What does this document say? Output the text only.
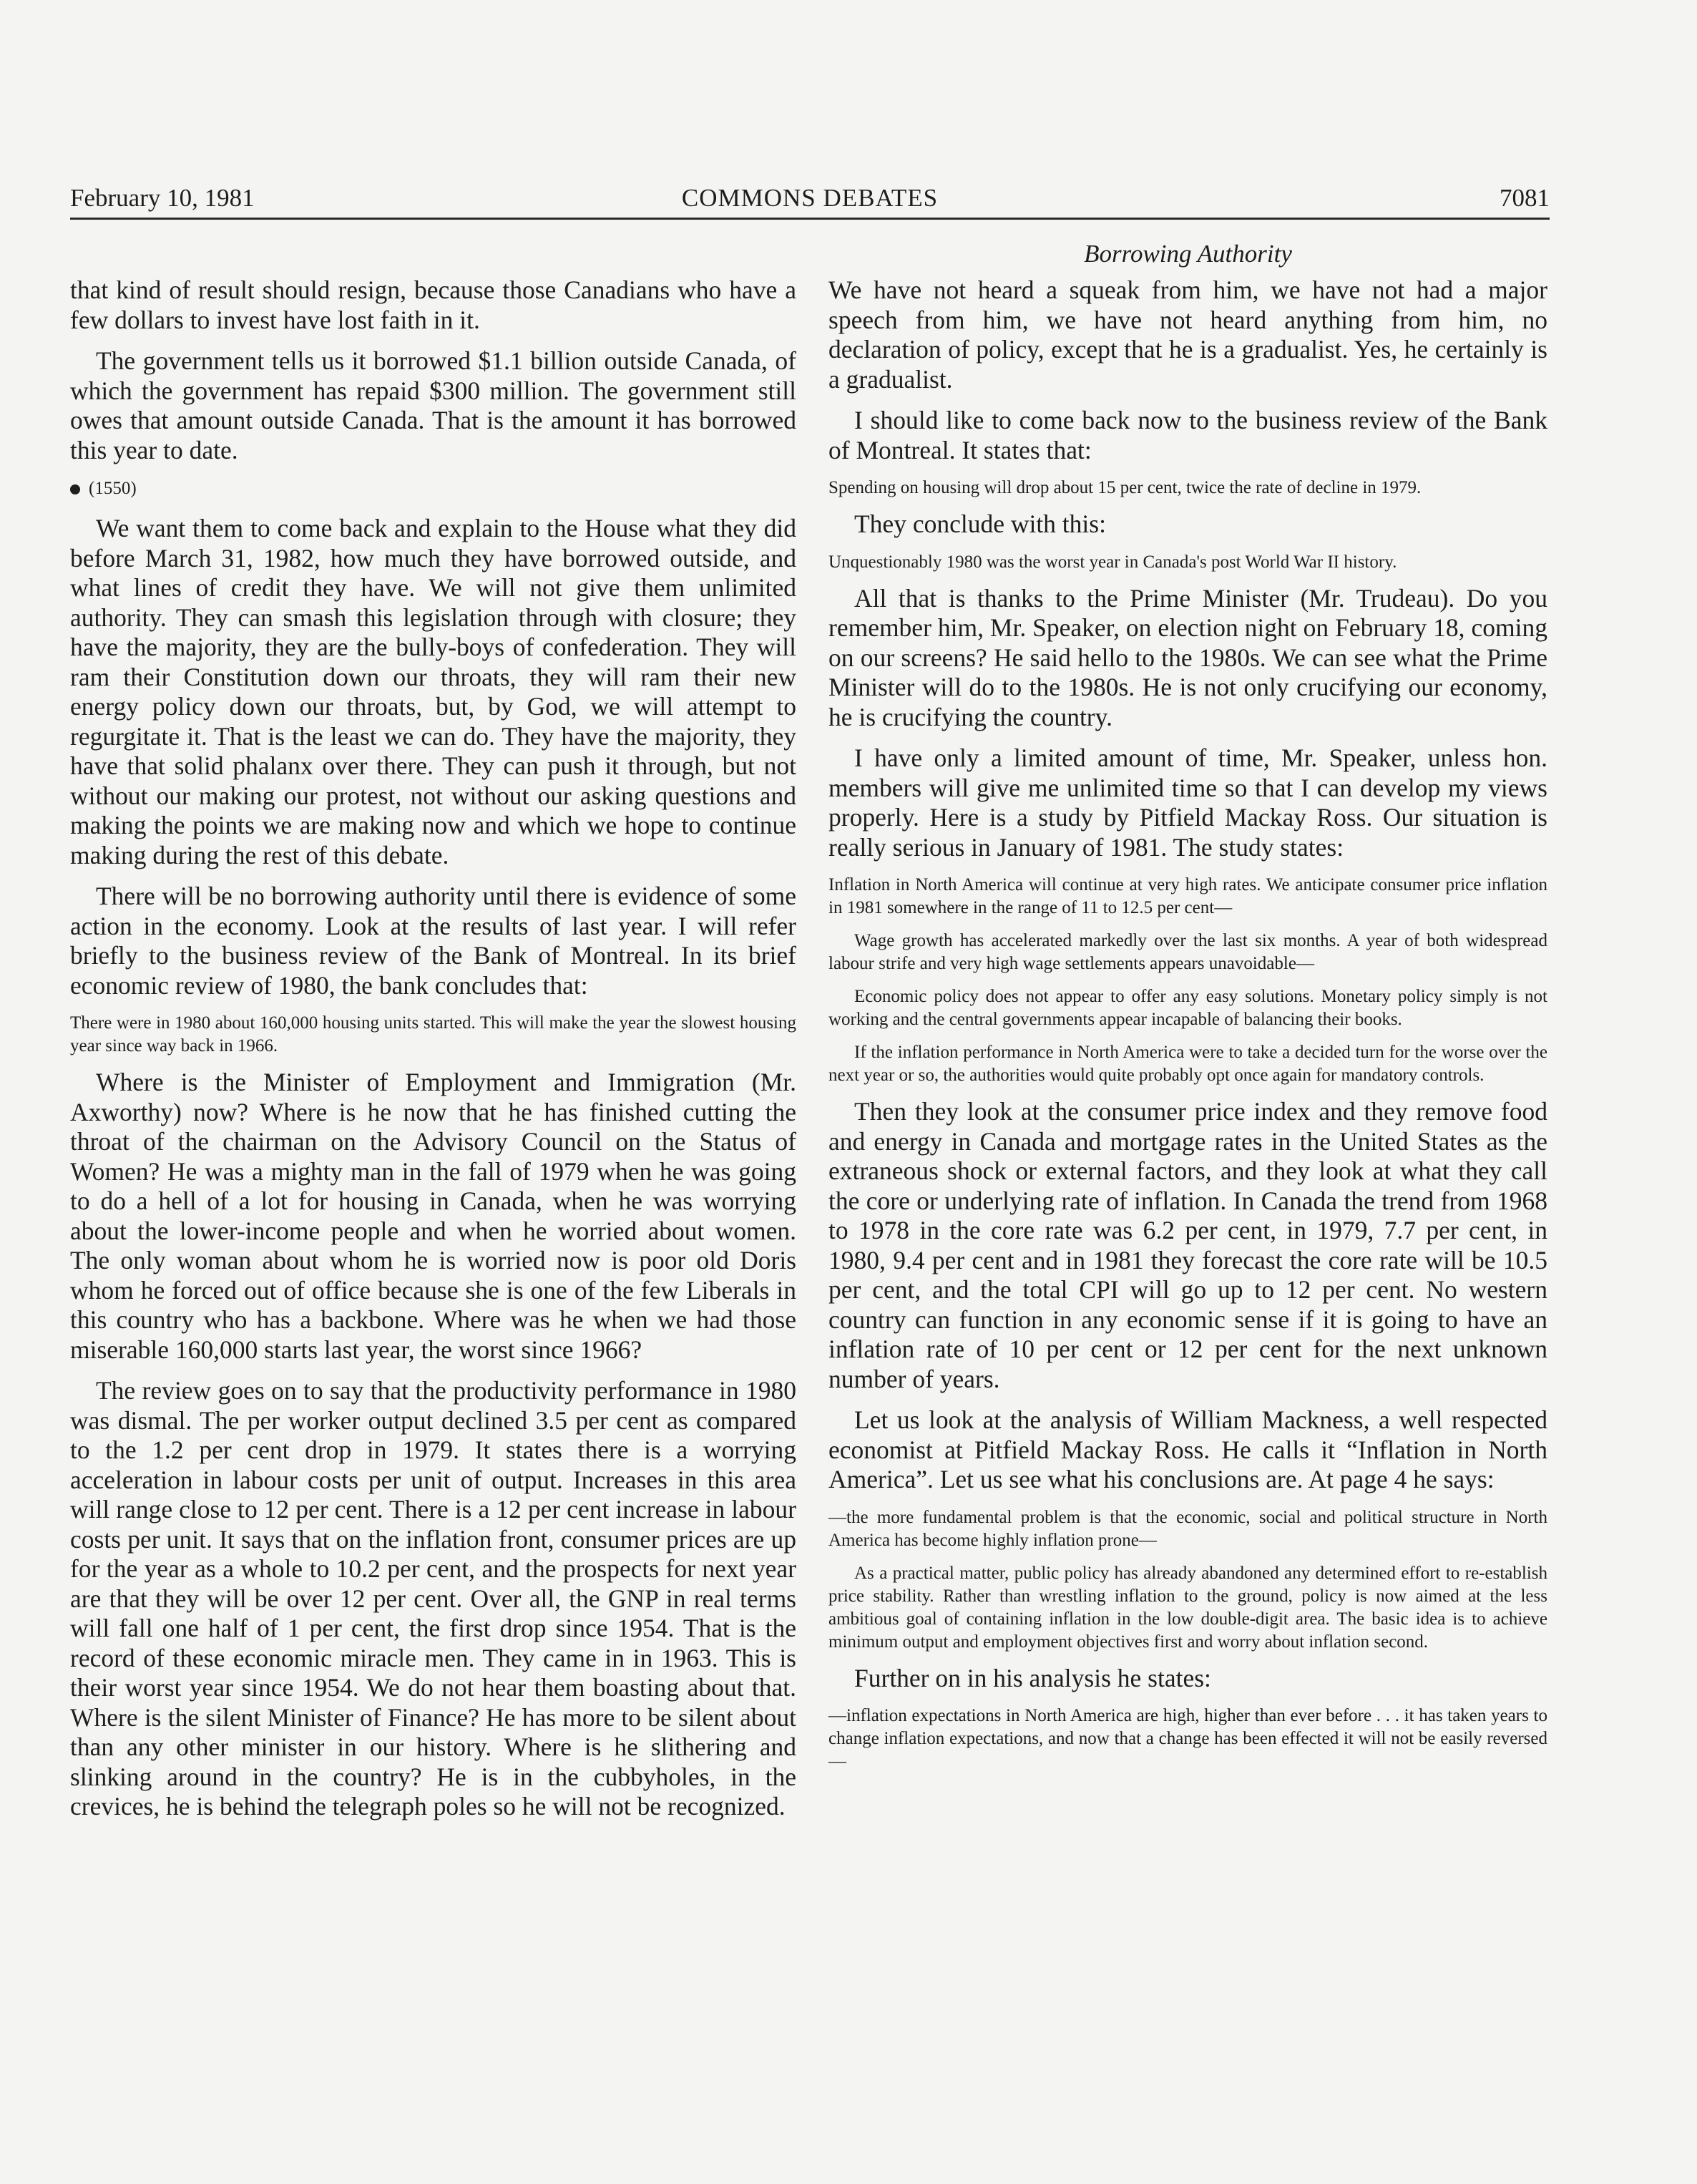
February 10, 1981	COMMONS DEBATES	7081
Borrowing Authority

that kind of result should resign, because those Canadians who have a few dollars to invest have lost faith in it.

The government tells us it borrowed $1.1 billion outside Canada, of which the government has repaid $300 million. The government still owes that amount outside Canada. That is the amount it has borrowed this year to date.

(1550)

We want them to come back and explain to the House what they did before March 31, 1982, how much they have borrowed outside, and what lines of credit they have. We will not give them unlimited authority. They can smash this legislation through with closure; they have the majority, they are the bully-boys of confederation. They will ram their Constitution down our throats, they will ram their new energy policy down our throats, but, by God, we will attempt to regurgitate it. That is the least we can do. They have the majority, they have that solid phalanx over there. They can push it through, but not without our making our protest, not without our asking questions and making the points we are making now and which we hope to continue making during the rest of this debate.

There will be no borrowing authority until there is evidence of some action in the economy. Look at the results of last year. I will refer briefly to the business review of the Bank of Montreal. In its brief economic review of 1980, the bank concludes that:

There were in 1980 about 160,000 housing units started. This will make the year the slowest housing year since way back in 1966.

Where is the Minister of Employment and Immigration (Mr. Axworthy) now? Where is he now that he has finished cutting the throat of the chairman on the Advisory Council on the Status of Women? He was a mighty man in the fall of 1979 when he was going to do a hell of a lot for housing in Canada, when he was worrying about the lower-income people and when he worried about women. The only woman about whom he is worried now is poor old Doris whom he forced out of office because she is one of the few Liberals in this country who has a backbone. Where was he when we had those miserable 160,000 starts last year, the worst since 1966?

The review goes on to say that the productivity performance in 1980 was dismal. The per worker output declined 3.5 per cent as compared to the 1.2 per cent drop in 1979. It states there is a worrying acceleration in labour costs per unit of output. Increases in this area will range close to 12 per cent. There is a 12 per cent increase in labour costs per unit. It says that on the inflation front, consumer prices are up for the year as a whole to 10.2 per cent, and the prospects for next year are that they will be over 12 per cent. Over all, the GNP in real terms will fall one half of 1 per cent, the first drop since 1954. That is the record of these economic miracle men. They came in in 1963. This is their worst year since 1954. We do not hear them boasting about that. Where is the silent Minister of Finance? He has more to be silent about than any other minister in our history. Where is he slithering and slinking around in the country? He is in the cubbyholes, in the crevices, he is behind the telegraph poles so he will not be recognized.

We have not heard a squeak from him, we have not had a major speech from him, we have not heard anything from him, no declaration of policy, except that he is a gradualist. Yes, he certainly is a gradualist.

I should like to come back now to the business review of the Bank of Montreal. It states that:

Spending on housing will drop about 15 per cent, twice the rate of decline in 1979.

They conclude with this:

Unquestionably 1980 was the worst year in Canada's post World War II history.

All that is thanks to the Prime Minister (Mr. Trudeau). Do you remember him, Mr. Speaker, on election night on February 18, coming on our screens? He said hello to the 1980s. We can see what the Prime Minister will do to the 1980s. He is not only crucifying our economy, he is crucifying the country.

I have only a limited amount of time, Mr. Speaker, unless hon. members will give me unlimited time so that I can develop my views properly. Here is a study by Pitfield Mackay Ross. Our situation is really serious in January of 1981. The study states:

Inflation in North America will continue at very high rates. We anticipate consumer price inflation in 1981 somewhere in the range of 11 to 12.5 per cent—

Wage growth has accelerated markedly over the last six months. A year of both widespread labour strife and very high wage settlements appears unavoidable—

Economic policy does not appear to offer any easy solutions. Monetary policy simply is not working and the central governments appear incapable of balancing their books.

If the inflation performance in North America were to take a decided turn for the worse over the next year or so, the authorities would quite probably opt once again for mandatory controls.

Then they look at the consumer price index and they remove food and energy in Canada and mortgage rates in the United States as the extraneous shock or external factors, and they look at what they call the core or underlying rate of inflation. In Canada the trend from 1968 to 1978 in the core rate was 6.2 per cent, in 1979, 7.7 per cent, in 1980, 9.4 per cent and in 1981 they forecast the core rate will be 10.5 per cent, and the total CPI will go up to 12 per cent. No western country can function in any economic sense if it is going to have an inflation rate of 10 per cent or 12 per cent for the next unknown number of years.

Let us look at the analysis of William Mackness, a well respected economist at Pitfield Mackay Ross. He calls it “Inflation in North America”. Let us see what his conclusions are. At page 4 he says:

—the more fundamental problem is that the economic, social and political structure in North America has become highly inflation prone—

As a practical matter, public policy has already abandoned any determined effort to re-establish price stability. Rather than wrestling inflation to the ground, policy is now aimed at the less ambitious goal of containing inflation in the low double-digit area. The basic idea is to achieve minimum output and employment objectives first and worry about inflation second.

Further on in his analysis he states:

—inflation expectations in North America are high, higher than ever before . . . it has taken years to change inflation expectations, and now that a change has been effected it will not be easily reversed—
